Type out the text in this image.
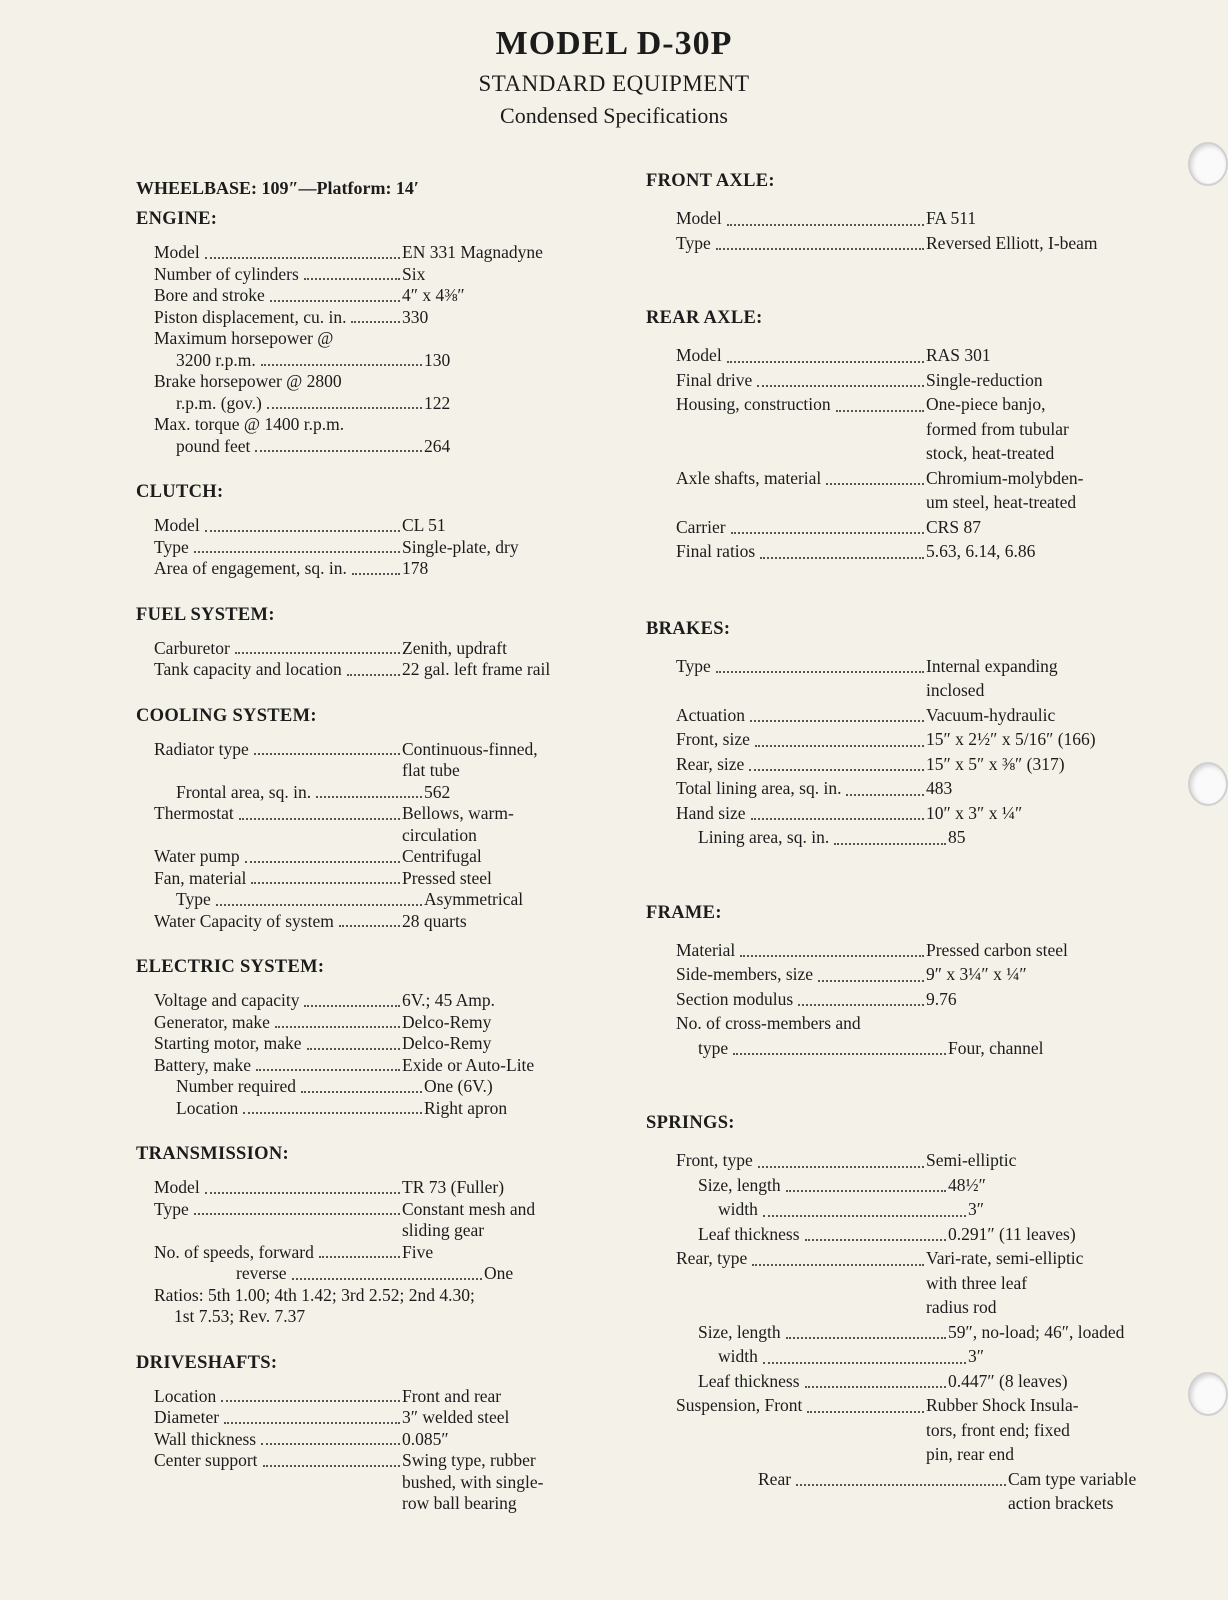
MODEL D-30P
STANDARD EQUIPMENT
Condensed Specifications
WHEELBASE: 109″—Platform: 14′
ENGINE:
Model	EN 331 Magnadyne
Number of cylinders	Six
Bore and stroke	4″ x 4⅜″
Piston displacement, cu. in.	330
Maximum horsepower @
3200 r.p.m.	130
Brake horsepower @ 2800
r.p.m. (gov.)	122
Max. torque @ 1400 r.p.m.
pound feet	264
CLUTCH:
Model	CL 51
Type	Single-plate, dry
Area of engagement, sq. in.	178
FUEL SYSTEM:
Carburetor	Zenith, updraft
Tank capacity and location	22 gal. left frame rail
COOLING SYSTEM:
Radiator type	Continuous-finned,
flat tube
Frontal area, sq. in.	562
Thermostat	Bellows, warm-
circulation
Water pump	Centrifugal
Fan, material	Pressed steel
Type	Asymmetrical
Water Capacity of system	28 quarts
ELECTRIC SYSTEM:
Voltage and capacity	6V.; 45 Amp.
Generator, make	Delco-Remy
Starting motor, make	Delco-Remy
Battery, make	Exide or Auto-Lite
Number required	One (6V.)
Location	Right apron
TRANSMISSION:
Model	TR 73 (Fuller)
Type	Constant mesh and
sliding gear
No. of speeds, forward	Five
reverse	One
Ratios: 5th 1.00; 4th 1.42; 3rd 2.52; 2nd 4.30;
1st 7.53; Rev. 7.37
DRIVESHAFTS:
Location	Front and rear
Diameter	3″ welded steel
Wall thickness	0.085″
Center support	Swing type, rubber
bushed, with single-
row ball bearing
FRONT AXLE:
Model	FA 511
Type	Reversed Elliott, I-beam
REAR AXLE:
Model	RAS 301
Final drive	Single-reduction
Housing, construction	One-piece banjo,
formed from tubular
stock, heat-treated
Axle shafts, material	Chromium-molybden-
um steel, heat-treated
Carrier	CRS 87
Final ratios	5.63, 6.14, 6.86
BRAKES:
Type	Internal expanding
inclosed
Actuation	Vacuum-hydraulic
Front, size	15″ x 2½″ x 5/16″ (166)
Rear, size	15″ x 5″ x ⅜″ (317)
Total lining area, sq. in.	483
Hand size	10″ x 3″ x ¼″
Lining area, sq. in.	85
FRAME:
Material	Pressed carbon steel
Side-members, size	9″ x 3¼″ x ¼″
Section modulus	9.76
No. of cross-members and
type	Four, channel
SPRINGS:
Front, type	Semi-elliptic
Size, length	48½″
width	3″
Leaf thickness	0.291″ (11 leaves)
Rear, type	Vari-rate, semi-elliptic
with three leaf
radius rod
Size, length	59″, no-load; 46″, loaded
width	3″
Leaf thickness	0.447″ (8 leaves)
Suspension, Front	Rubber Shock Insula-
tors, front end; fixed
pin, rear end
Rear	Cam type variable
action brackets
